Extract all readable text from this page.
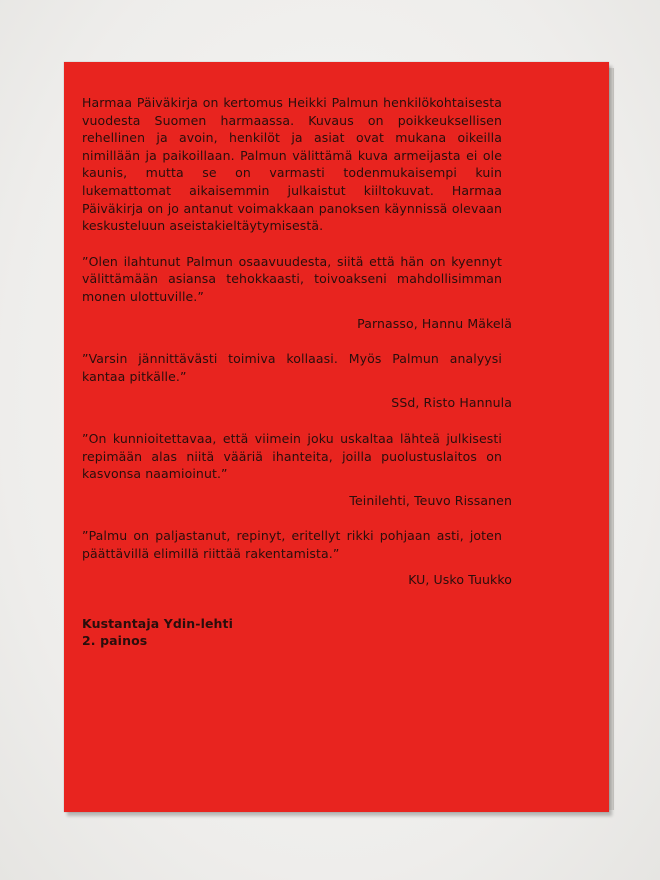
Harmaa Päiväkirja on kertomus Heikki Palmun henkilökohtaisesta vuodesta Suomen harmaassa. Kuvaus on poikkeuksellisen rehellinen ja avoin, henkilöt ja asiat ovat mukana oikeilla nimillään ja paikoillaan. Palmun välittämä kuva armeijasta ei ole kaunis, mutta se on varmasti todenmukaisempi kuin lukemattomat aikaisemmin julkaistut kiiltokuvat. Harmaa Päiväkirja on jo antanut voimakkaan panoksen käynnissä olevaan keskusteluun aseistakieltäytymisestä.

”Olen ilahtunut Palmun osaavuudesta, siitä että hän on kyennyt välittämään asiansa tehokkaasti, toivoakseni mahdollisimman monen ulottuville.”

Parnasso, Hannu Mäkelä

”Varsin jännittävästi toimiva kollaasi. Myös Palmun analyysi kantaa pitkälle.”

SSd, Risto Hannula

”On kunnioitettavaa, että viimein joku uskaltaa lähteä julkisesti repimään alas niitä vääriä ihanteita, joilla puolustuslaitos on kasvonsa naamioinut.”

Teinilehti, Teuvo Rissanen

”Palmu on paljastanut, repinyt, eritellyt rikki pohjaan asti, joten päättävillä elimillä riittää rakentamista.”

KU, Usko Tuukko
Kustantaja Ydin-lehti
2. painos
